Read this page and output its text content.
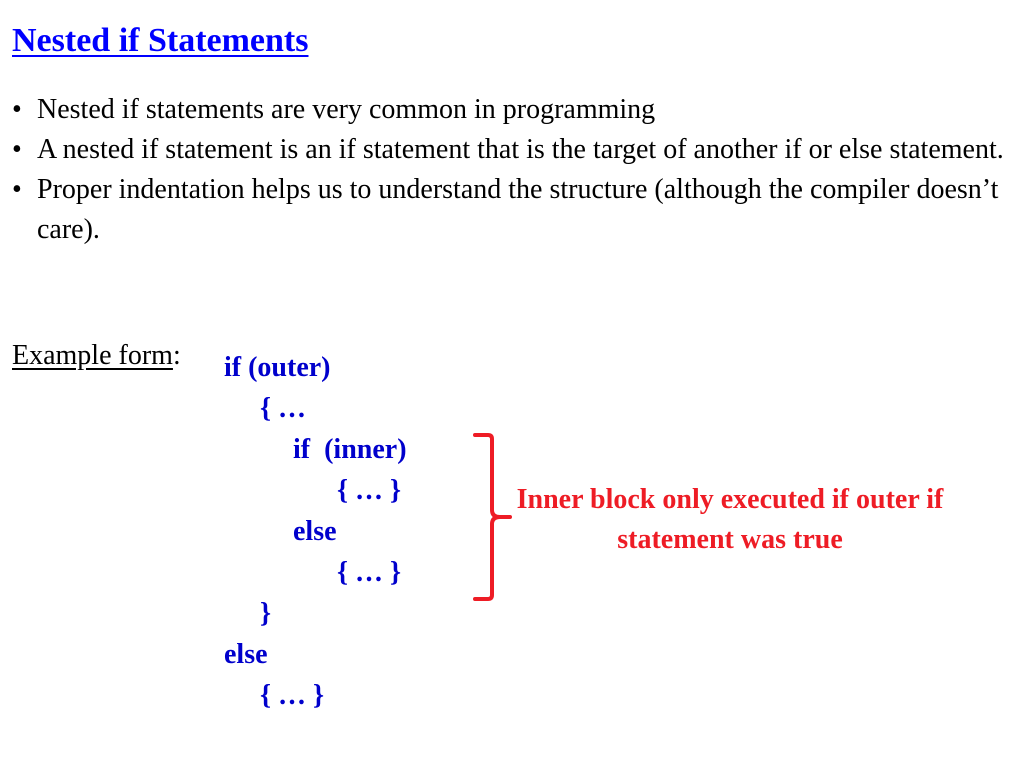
Nested if Statements
• Nested if statements are very common in programming
• A nested if statement is an if statement that is the target of another if or else statement.
• Proper indentation helps us to understand the structure (although the compiler doesn’t care).
Example form: if (outer)
{ …
if  (inner)
{ … }
else
{ … }
}
else
{ … }

Inner block only executed if outer if statement was true
